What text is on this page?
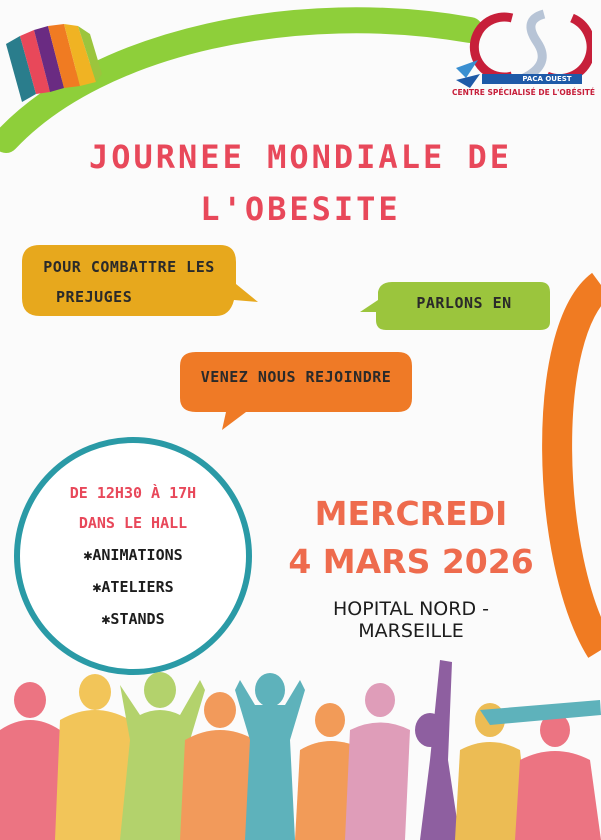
PACA OUEST
CENTRE SPÉCIALISÉ DE L'OBÉSITÉ
JOURNEE MONDIALE DE
L'OBESITE
POUR COMBATTRE LES
PREJUGES	PARLONS EN
VENEZ NOUS REJOINDRE
DE 12H30 À 17H
DANS LE HALL
✱ANIMATIONS
✱ATELIERS
✱STANDS
MERCREDI
4 MARS 2026
HOPITAL NORD - MARSEILLE
